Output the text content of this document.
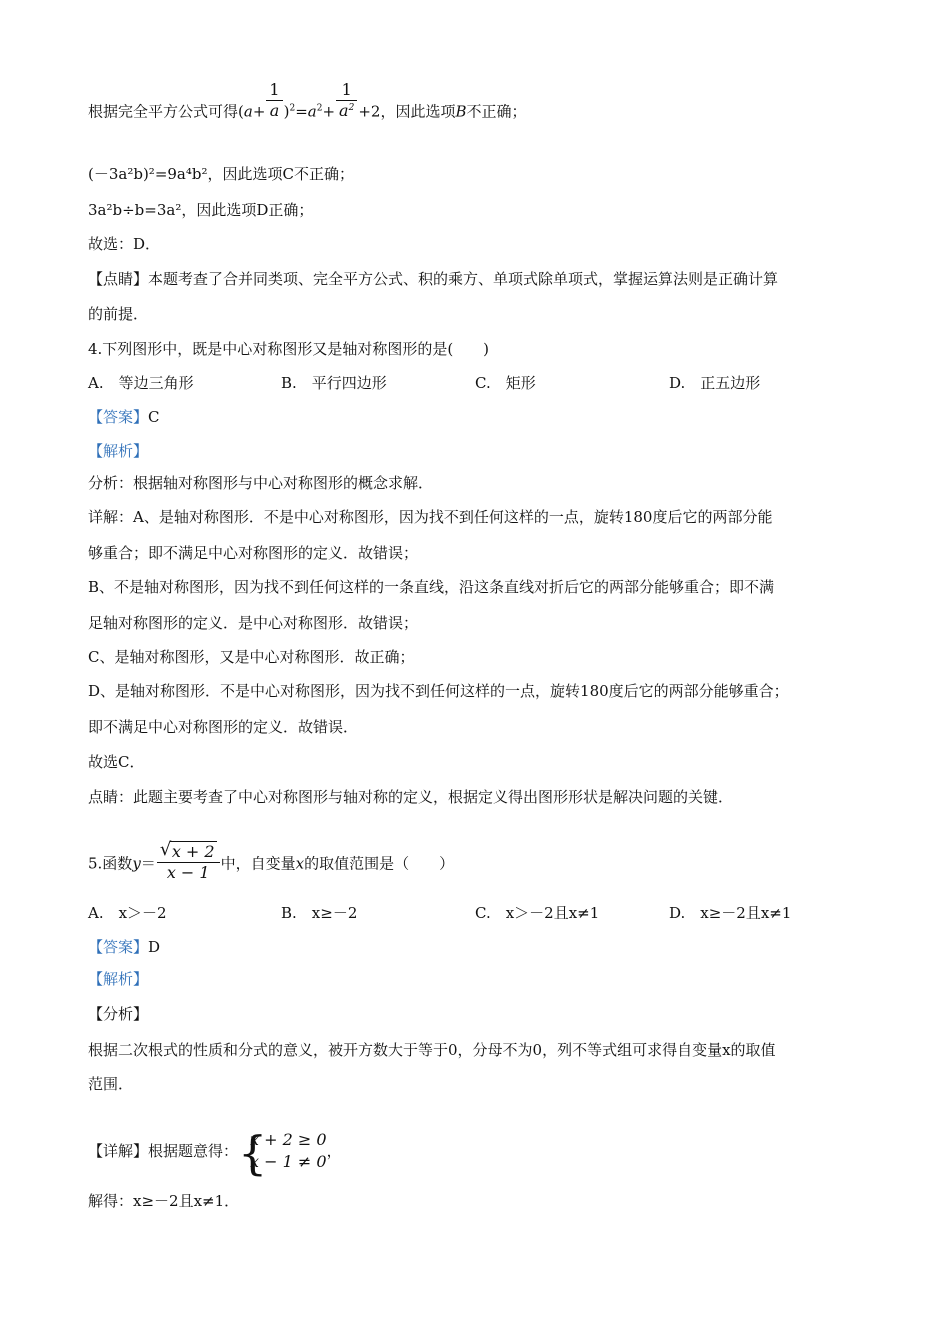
根据完全平方公式可得$(a+ \frac{1}{a} )^2=a^2+ \frac{1}{a^2} +2$，因此选项B不正确；
(－3a²b)²=9a⁴b²，因此选项C不正确；
3a²b÷b=3a²，因此选项D正确；
故选：D．
【点睛】本题考查了合并同类项、完全平方公式、积的乘方、单项式除单项式，掌握运算法则是正确计算
的前提．
4.下列图形中，既是中心对称图形又是轴对称图形的是(　　)
A.　等边三角形	B.　平行四边形	C.　矩形	D.　正五边形
【答案】C
【解析】
分析：根据轴对称图形与中心对称图形的概念求解．
详解：A、是轴对称图形．不是中心对称图形，因为找不到任何这样的一点，旋转180度后它的两部分能
够重合；即不满足中心对称图形的定义．故错误；
B、不是轴对称图形，因为找不到任何这样的一条直线，沿这条直线对折后它的两部分能够重合；即不满
足轴对称图形的定义．是中心对称图形．故错误；
C、是轴对称图形，又是中心对称图形．故正确；
D、是轴对称图形．不是中心对称图形，因为找不到任何这样的一点，旋转180度后它的两部分能够重合；
即不满足中心对称图形的定义．故错误．
故选C．
点睛：此题主要考查了中心对称图形与轴对称的定义，根据定义得出图形形状是解决问题的关键．
5.函数$y= \frac{√ x + 2}{x - 1}$ 中，自变量x的取值范围是（　　）
A.　x＞－2	B.　x≥－2	C.　x＞－2且x≠1	D.　x≥－2且x≠1
【答案】D
【解析】
【分析】
根据二次根式的性质和分式的意义，被开方数大于等于0，分母不为0，列不等式组可求得自变量x的取值
范围．
【详解】根据题意得： {
x + 2 ≥ 0
x − 1 ≠ 0
，
解得：x≥－2且x≠1．
